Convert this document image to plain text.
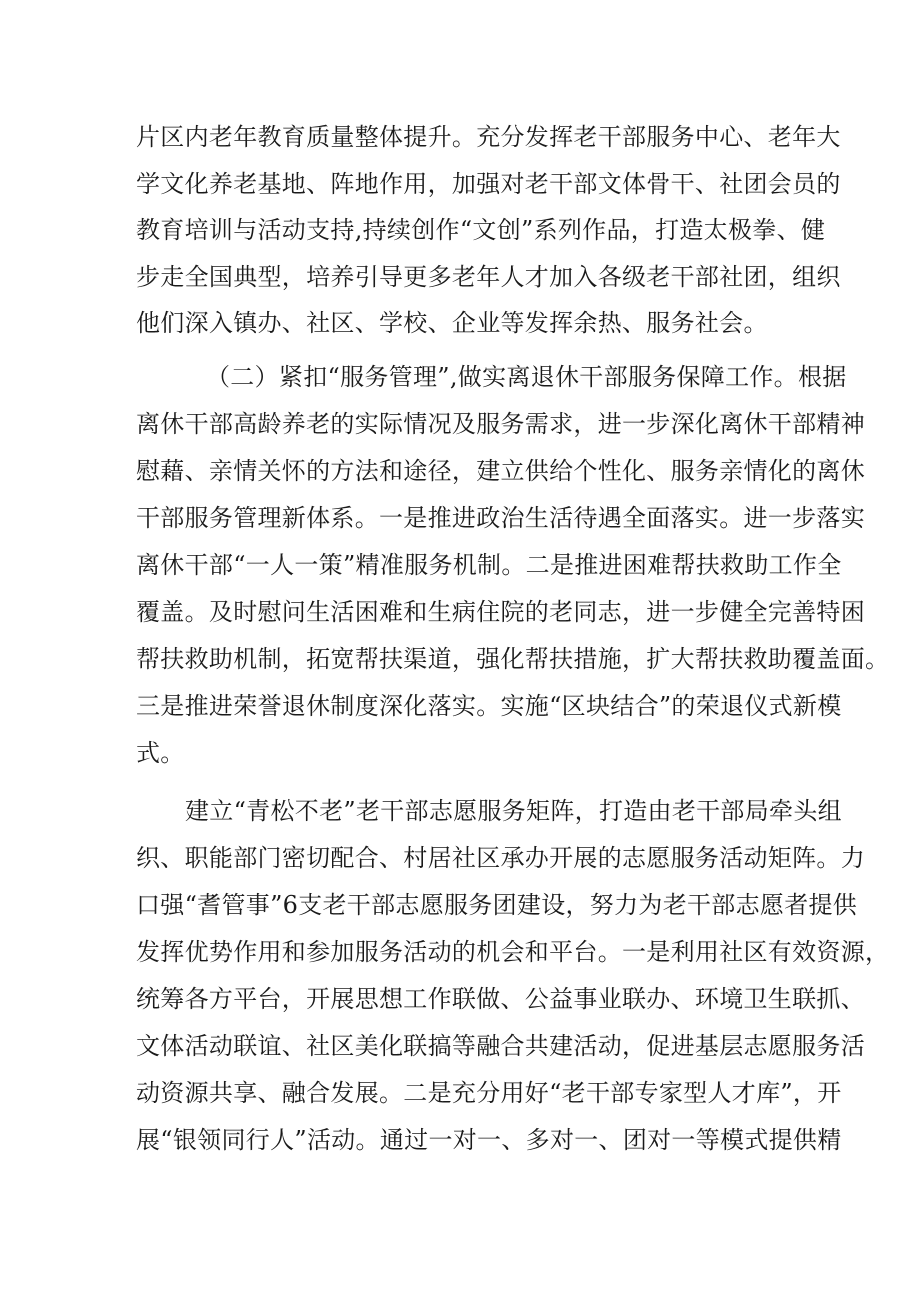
片区内老年教育质量整体提升。充分发挥老干部服务中心、老年大
学文化养老基地、阵地作用，加强对老干部文体骨干、社团会员的
教育培训与活动支持,持续创作“文创”系列作品，打造太极拳、健
步走全国典型，培养引导更多老年人才加入各级老干部社团，组织
他们深入镇办、社区、学校、企业等发挥余热、服务社会。
（二）紧扣“服务管理”,做实离退休干部服务保障工作。根据
离休干部高龄养老的实际情况及服务需求，进一步深化离休干部精神
慰藉、亲情关怀的方法和途径，建立供给个性化、服务亲情化的离休
干部服务管理新体系。一是推进政治生活待遇全面落实。进一步落实
离休干部“一人一策”精准服务机制。二是推进困难帮扶救助工作全
覆盖。及时慰问生活困难和生病住院的老同志，进一步健全完善特困
帮扶救助机制，拓宽帮扶渠道，强化帮扶措施，扩大帮扶救助覆盖面。
三是推进荣誉退休制度深化落实。实施“区块结合”的荣退仪式新模
式。
建立“青松不老”老干部志愿服务矩阵，打造由老干部局牵头组
织、职能部门密切配合、村居社区承办开展的志愿服务活动矩阵。力
口强“耆管事”6支老干部志愿服务团建设，努力为老干部志愿者提供
发挥优势作用和参加服务活动的机会和平台。一是利用社区有效资源，
统筹各方平台，开展思想工作联做、公益事业联办、环境卫生联抓、
文体活动联谊、社区美化联搞等融合共建活动，促进基层志愿服务活
动资源共享、融合发展。二是充分用好“老干部专家型人才库”，开
展“银领同行人”活动。通过一对一、多对一、团对一等模式提供精
